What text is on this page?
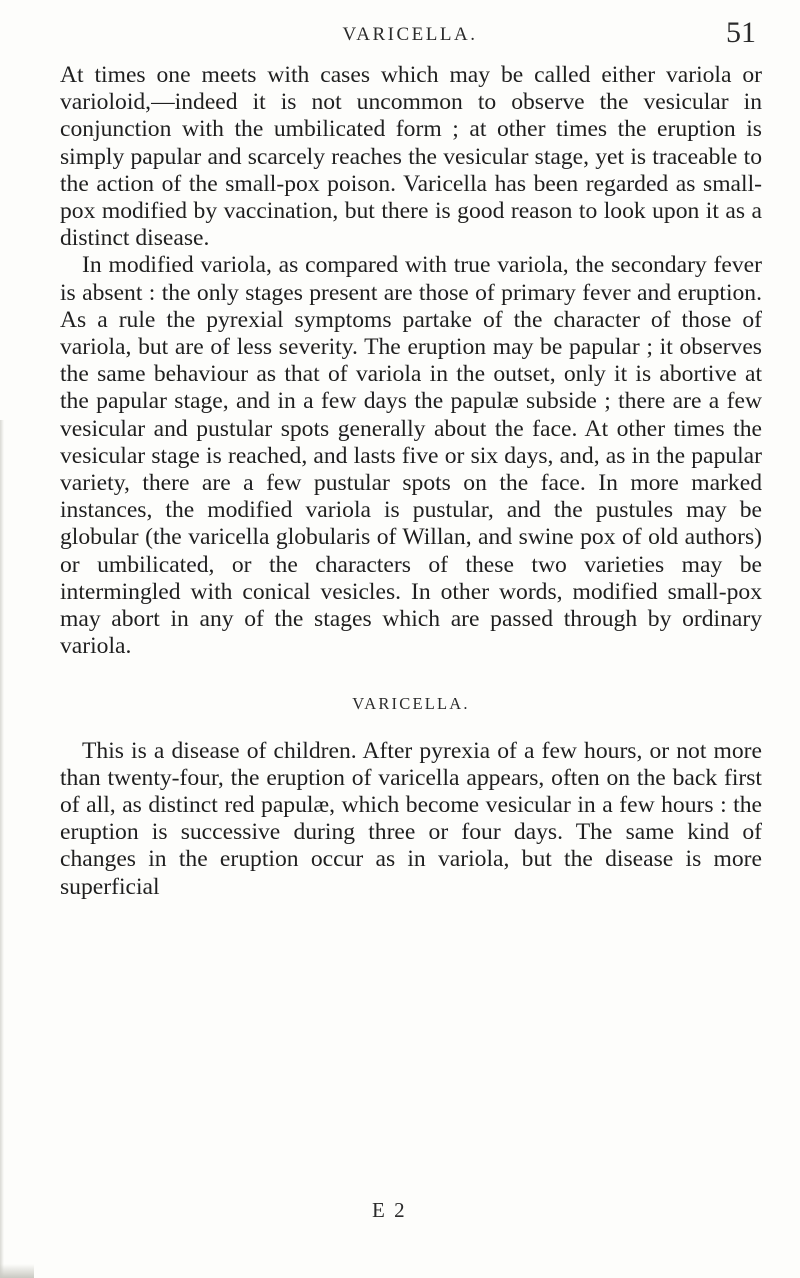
VARICELLA.	51

At times one meets with cases which may be called either variola or varioloid,—indeed it is not uncommon to observe the vesicular in conjunction with the umbilicated form ; at other times the eruption is simply papular and scarcely reaches the vesicular stage, yet is traceable to the action of the small-pox poison. Varicella has been regarded as small-pox modified by vaccination, but there is good reason to look upon it as a distinct disease.

In modified variola, as compared with true variola, the secondary fever is absent : the only stages present are those of primary fever and eruption. As a rule the pyrexial symptoms partake of the character of those of variola, but are of less severity. The eruption may be papular ; it observes the same behaviour as that of variola in the outset, only it is abortive at the papular stage, and in a few days the papulæ subside ; there are a few vesicular and pustular spots generally about the face. At other times the vesicular stage is reached, and lasts five or six days, and, as in the papular variety, there are a few pustular spots on the face. In more marked instances, the modified variola is pustular, and the pustules may be globular (the varicella globularis of Willan, and swine pox of old authors) or umbilicated, or the characters of these two varieties may be intermingled with conical vesicles. In other words, modified small-pox may abort in any of the stages which are passed through by ordinary variola.

VARICELLA.

This is a disease of children. After pyrexia of a few hours, or not more than twenty-four, the eruption of varicella appears, often on the back first of all, as distinct red papulæ, which become vesicular in a few hours : the eruption is successive during three or four days. The same kind of changes in the eruption occur as in variola, but the disease is more superficial

E 2
